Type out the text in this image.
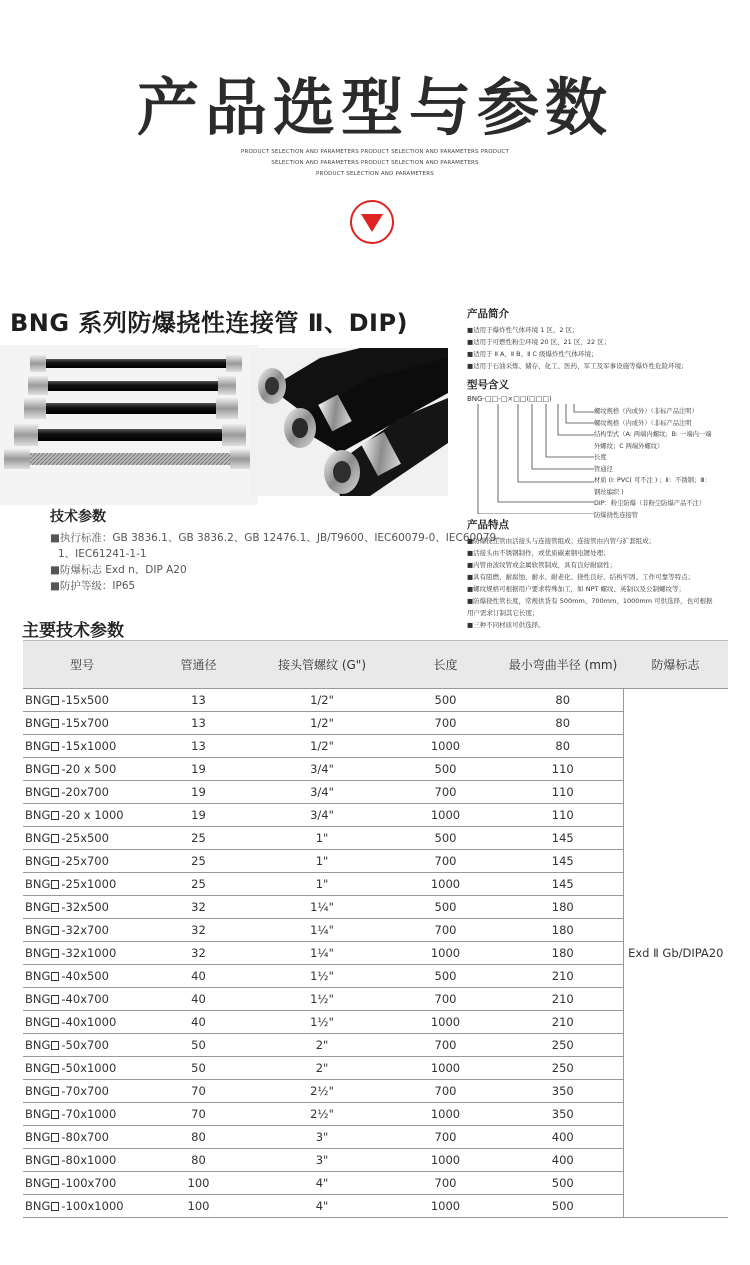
产品选型与参数
PRODUCT SELECTION AND PARAMETERS PRODUCT SELECTION AND PARAMETERS PRODUCT
SELECTION AND PARAMETERS PRODUCT SELECTION AND PARAMETERS
PRODUCT SELECTION AND PARAMETERS
BNG 系列防爆挠性连接管 Ⅱ、DIP)
技术参数
■执行标准：GB 3836.1、GB 3836.2、GB 12476.1、JB/T9600、IEC60079-0、IEC60079-
1、IEC61241-1-1
■防爆标志 Exd n、DIP A20
■防护等级：IP65
产品简介
■适用于爆炸性气体环境 1 区、2 区；
■适用于可燃性粉尘环境 20 区、21 区、22 区；
■适用于 Ⅱ A、Ⅱ B、Ⅱ C 级爆炸性气体环境；
■适用于石油采炼、储存、化工、医药、军工及军事设施等爆炸性危险环境；
型号含义
BNG-□□-□×□□(□□□)
螺纹规格（内或外）（非标产品注明）
螺纹规格（内或外）（非标产品注明
结构型式（A: 两端内螺纹；B: 一端内一端
外螺纹；C 两端外螺纹）
长度
管通径
材质 (I: PVC( 可不注 ) ；Ⅱ：不锈钢；Ⅲ：
钢丝编织 )
DIP：粉尘防爆（非粉尘防爆产品不注）
防爆挠性连接管
产品特点
■防爆挠性管由活接头与连接管组成；连接管由内管与扩套组成；
■活接头由不锈钢制作，或优质碳素钢电镀处理；
■内管由波纹管或金属软管制成，具有良好耐腐性；
■具有阻燃、耐腐蚀、耐水、耐老化、挠性良好、结构牢固、工作可靠等特点；
■螺纹规格可根据用户要求特殊加工，如 NPT 螺纹、英制以及公制螺纹等；
■防爆挠性管长度，常规供货有 500mm、700mm、1000mm 可供选择，也可根据
用户需求订制其它长度；
■三种不同材质可供选择。
主要技术参数
型号	管通径	接头管螺纹 (G")	长度	最小弯曲半径 (mm)	防爆标志
BNG -15x500	13	1/2"	500	80	Exd Ⅱ Gb/DIPA20
BNG -15x700	13	1/2"	700	80	
BNG -15x1000	13	1/2"	1000	80	
BNG -20 x 500	19	3/4"	500	110	
BNG -20x700	19	3/4"	700	110	
BNG -20 x 1000	19	3/4"	1000	110	
BNG -25x500	25	1"	500	145	
BNG -25x700	25	1"	700	145	
BNG -25x1000	25	1"	1000	145	
BNG -32x500	32	1¼"	500	180	
BNG -32x700	32	1¼"	700	180	
BNG -32x1000	32	1¼"	1000	180	
BNG -40x500	40	1½"	500	210	
BNG -40x700	40	1½"	700	210	
BNG -40x1000	40	1½"	1000	210	
BNG -50x700	50	2"	700	250	
BNG -50x1000	50	2"	1000	250	
BNG -70x700	70	2½"	700	350	
BNG -70x1000	70	2½"	1000	350	
BNG -80x700	80	3"	700	400	
BNG -80x1000	80	3"	1000	400	
BNG -100x700	100	4"	700	500	
BNG -100x1000	100	4"	1000	500	
